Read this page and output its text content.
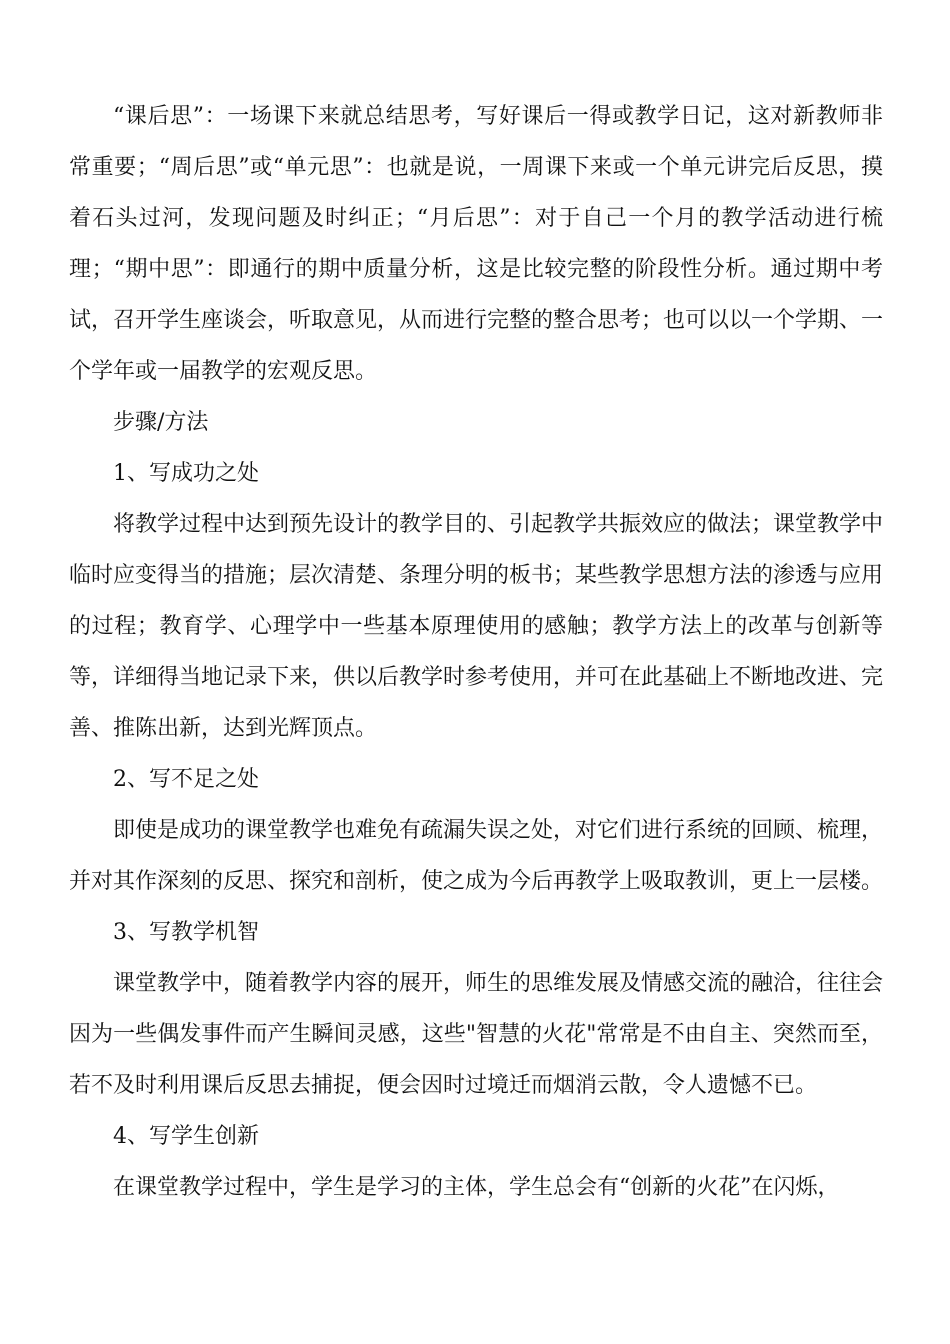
“课后思”：一场课下来就总结思考，写好课后一得或教学日记，这对新教师非常重要；“周后思”或“单元思”：也就是说，一周课下来或一个单元讲完后反思，摸着石头过河，发现问题及时纠正；“月后思”：对于自己一个月的教学活动进行梳理；“期中思”：即通行的期中质量分析，这是比较完整的阶段性分析。通过期中考试，召开学生座谈会，听取意见，从而进行完整的整合思考；也可以以一个学期、一个学年或一届教学的宏观反思。

步骤/方法

1、写成功之处

将教学过程中达到预先设计的教学目的、引起教学共振效应的做法；课堂教学中临时应变得当的措施；层次清楚、条理分明的板书；某些教学思想方法的渗透与应用的过程；教育学、心理学中一些基本原理使用的感触；教学方法上的改革与创新等等，详细得当地记录下来，供以后教学时参考使用，并可在此基础上不断地改进、完善、推陈出新，达到光辉顶点。

2、写不足之处

即使是成功的课堂教学也难免有疏漏失误之处，对它们进行系统的回顾、梳理，并对其作深刻的反思、探究和剖析，使之成为今后再教学上吸取教训，更上一层楼。

3、写教学机智

课堂教学中，随着教学内容的展开，师生的思维发展及情感交流的融洽，往往会因为一些偶发事件而产生瞬间灵感，这些"智慧的火花"常常是不由自主、突然而至，若不及时利用课后反思去捕捉，便会因时过境迁而烟消云散，令人遗憾不已。

4、写学生创新

在课堂教学过程中，学生是学习的主体，学生总会有“创新的火花”在闪烁，
